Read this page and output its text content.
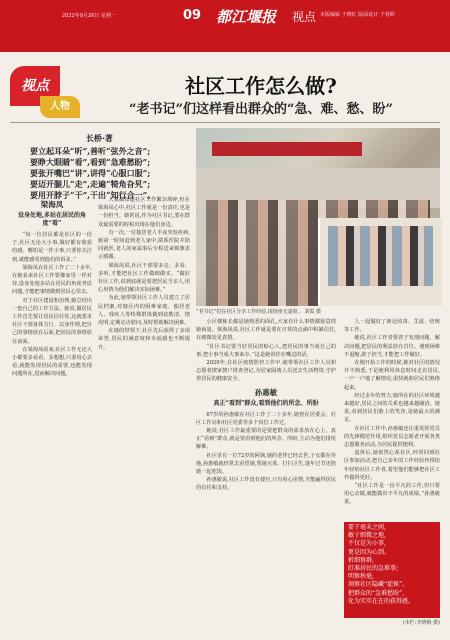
2022年9月26日 星期一	09 都江堰报 视点 本版编辑 于晓红 版面设计 于春辉
视点
人物
社区工作怎么做?
“老书记”们这样看出群众的“急、难、愁、盼”
长桥·著
要立起耳朵“听”,善听“弦外之音”;
要睁大眼睛“看”,看到“急难愁盼”;
要张开嘴巴“讲”,讲得“心服口服”;
要迈开腿儿“走”,走遍“犄角旮旯”;
要用开脖子“干”,干出“知行合一”。
梁海凤
设身处地,多站在居民的角度“看”

“每一位居民都是社区的一份子,社区无论大小事,做好都有收获的感。哪怕是一件小事,只要你关注到,就能感受到他们的诉求。”

梁海凤在社区工作了二十多年,在她看来社区工作要像家里一样对待,设身处地多站在居民的角度考虑问题,才能把事情做到居民心里去。

对于社区建设和治理,她总结出一套自己的工作方法。她说,做居民工作首先要让居民信任你,这就要求社区干部身体力行、以身作则,把自己的事情放在后面,把居民的事情放在前面。

在梁海凤看来,社区工作无论大小都要多看看、多想想,只要用心去看,就能发现居民的需要,也能发现问题所在,进而解决问题。

大家都知道社区工作繁杂琐碎,但在梁海凤心中,社区工作就是一份责任,也是一份担当。她常说,作为社区书记,要在群众最需要的时候出现在他们身边。

有一次,一位独居老人半夜突发疾病,她第一时间赶到老人家中,联系医院并陪同就医,老人的家属事后专程送来锦旗表示感谢。

梁海凤说,社区干部要多走、多看、多听,才能把社区工作做细做实。“做好社区工作,说到底就是要把居民当亲人,用心用情为他们解决实际困难。”

为此,她带领社区工作人员建立了居民档案,对辖区内的困难家庭、独居老人、残疾人等特殊群体做到底数清、情况明,定期走访慰问,及时帮助解决困难。

在她的带领下,社区先后获得了多项荣誉,居民的满意度和幸福感也不断提升。

小区楼栋长都是她熟悉的面孔,大家有什么事情都愿意找她商量。梁海凤说,社区工作就是要在日常的点滴中积累信任,在细微处见真情。

“社区书记要当好居民的贴心人,把居民的事当成自己的事,把小事当成大事来办。”这是她常挂在嘴边的话。

2020年,在社区疫情防控工作中,她带领社区工作人员和志愿者挨家挨户排查登记,为居家隔离人员送去生活物资,守护着居民的健康安全。

孙惠敏
真正“看到”群众,看到他们的所念、所盼

67岁的孙惠敏在社区工作了二十多年,她曾在居委会、社区工作站和社区党委等多个岗位工作过。

她说,社区工作最重要的是要把群众的需求放在心上。真正“看到”群众,就是要看到他们的所念、所盼,主动为他们排忧解难。

社区里有一位72岁的阿姨,她的老伴已经去世,子女都在外地,孙惠敏就经常去看望她,帮她买菜、打扫卫生,逢年过节还陪她一起吃饭。

孙惠敏说,社区工作没有捷径,只有用心用情,才能赢得居民的信任和支持。

“老书记”们在社区分享工作经验,现场座无虚席。 刘霞 摄

人一起做好了新冠疫苗、艾滋、结核等工作。

她说,社区工作者要善于发现问题、解决问题,把居民的利益放在首位。遇到困难不退缩,敢于担当,才能把工作做好。

在刚开始工作的时候,她对社区的情况并不熟悉,于是她利用休息时间走访居民,一户一户地了解情况,很快就和居民们熟络起来。

经过多年的努力,她所在的社区环境越来越好,居民之间的关系也越来越融洽。她说,看到居民们脸上的笑容,是她最大的满足。

在社区工作中,孙惠敏还注重发挥党员的先锋模范作用,组织党员志愿者开展各类志愿服务活动,为居民提供便利。

退休后,她依然心系社区,经常回到社区参加活动,把自己多年的工作经验传授给年轻的社区工作者,希望他们能够把社区工作做得更好。

“社区工作是一份平凡的工作,但只要用心去做,就能做出不平凡的成绩。”孙惠敏说。

要干毫末之间,
敏于细微之地,
不仅是为小事,
更是因为心到。
析细察群,
盯准居民的急难事;
明察秋毫,
洞察社区隐藏“症候”。
把群众的“急难愁盼”,
化为实实在在的获得感。
(本栏:李晓梅 摄)
